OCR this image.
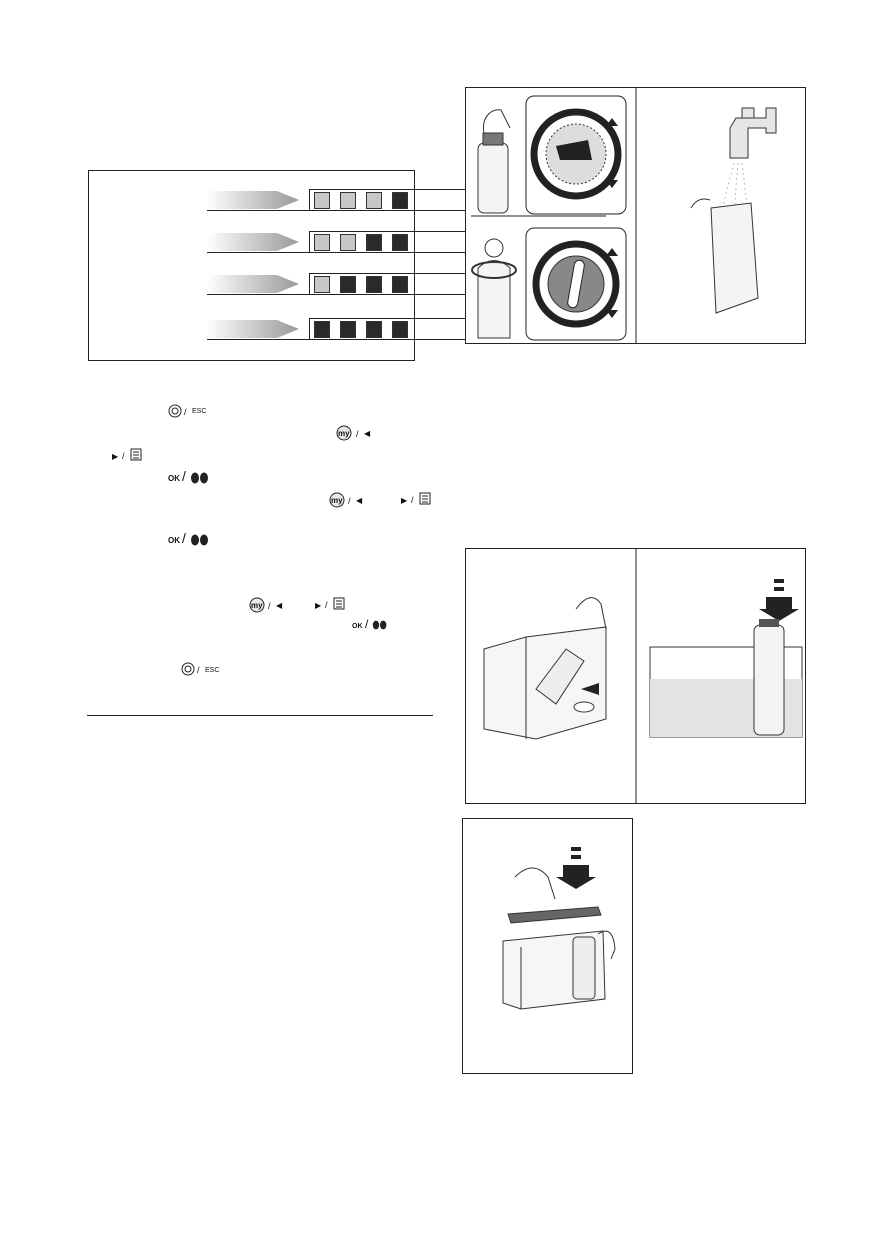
/ ESC
my / ◀
▶ /
OK /
my / ◀	▶ /
OK /
my / ◀	▶ /
OK /
/ ESC
